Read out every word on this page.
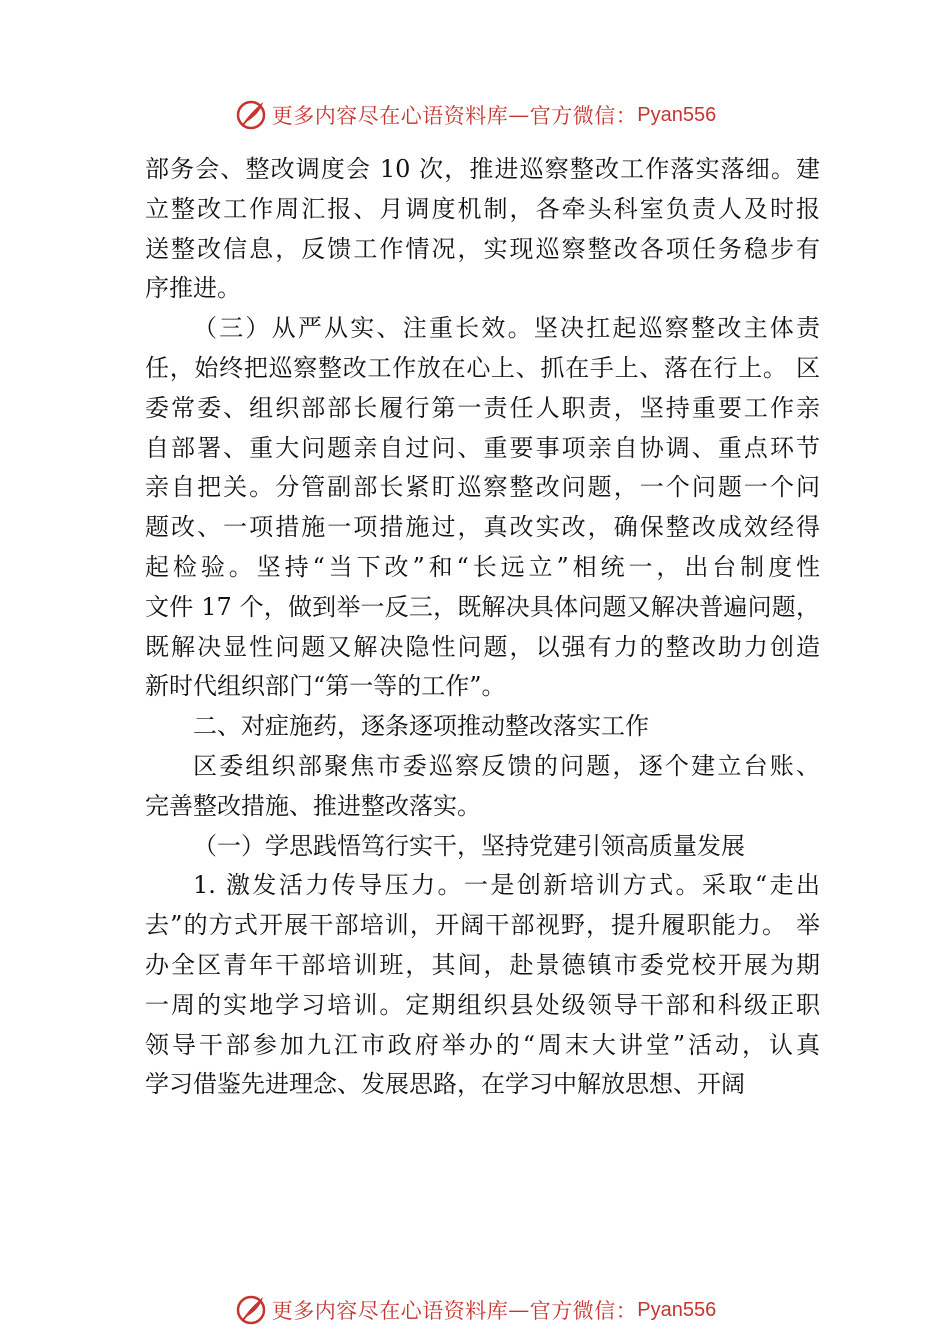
更多内容尽在心语资料库 — 官方微信： Pyan556
部务会、整改调度会 10 次，推进巡察整改工作落实落细。建
立整改工作周汇报、月调度机制，各牵头科室负责人及时报
送整改信息，反馈工作情况，实现巡察整改各项任务稳步有
序推进。
（三）从严从实、注重长效。坚决扛起巡察整改主体责
任，始终把巡察整改工作放在心上、抓在手上、落在行上。 区
委常委、组织部部长履行第一责任人职责，坚持重要工作亲
自部署、重大问题亲自过问、重要事项亲自协调、重点环节
亲自把关。分管副部长紧盯巡察整改问题，一个问题一个问
题改、一项措施一项措施过，真改实改，确保整改成效经得
起检验。坚持“当下改”和“长远立”相统一，出台制度性
文件 17 个，做到举一反三，既解决具体问题又解决普遍问题，
既解决显性问题又解决隐性问题，以强有力的整改助力创造
新时代组织部门“第一等的工作”。
二、对症施药，逐条逐项推动整改落实工作
区委组织部聚焦市委巡察反馈的问题，逐个建立台账、
完善整改措施、推进整改落实。
（一）学思践悟笃行实干，坚持党建引领高质量发展
1. 激发活力传导压力。一是创新培训方式。采取“走出
去”的方式开展干部培训，开阔干部视野，提升履职能力。 举
办全区青年干部培训班，其间，赴景德镇市委党校开展为期
一周的实地学习培训。定期组织县处级领导干部和科级正职
领导干部参加九江市政府举办的“周末大讲堂”活动，认真
学习借鉴先进理念、发展思路，在学习中解放思想、开阔
更多内容尽在心语资料库 — 官方微信： Pyan556
